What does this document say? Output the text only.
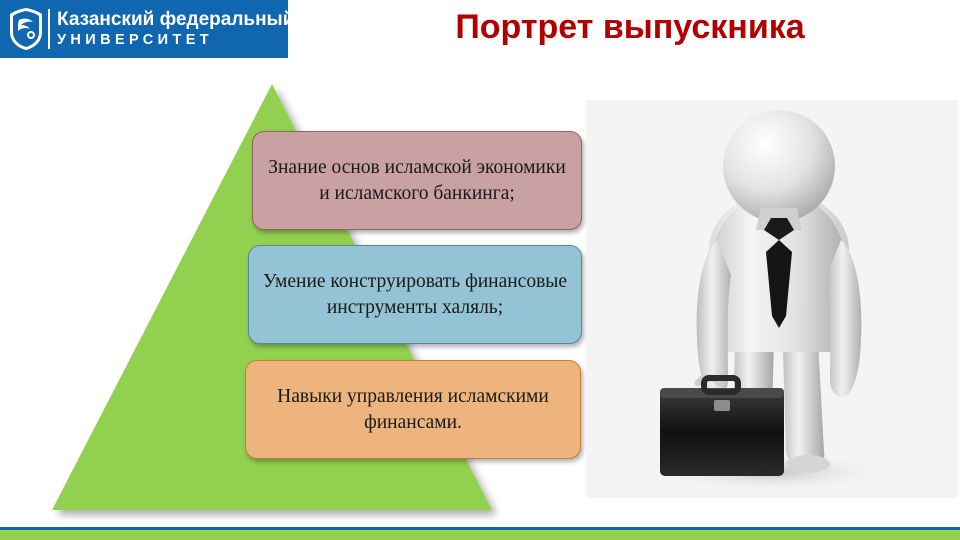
Казанский федеральный
УНИВЕРСИТЕТ	Портрет выпускника
Знание основ исламской экономики и исламского банкинга;
Умение конструировать финансовые инструменты халяль;
Навыки управления исламскими финансами.
